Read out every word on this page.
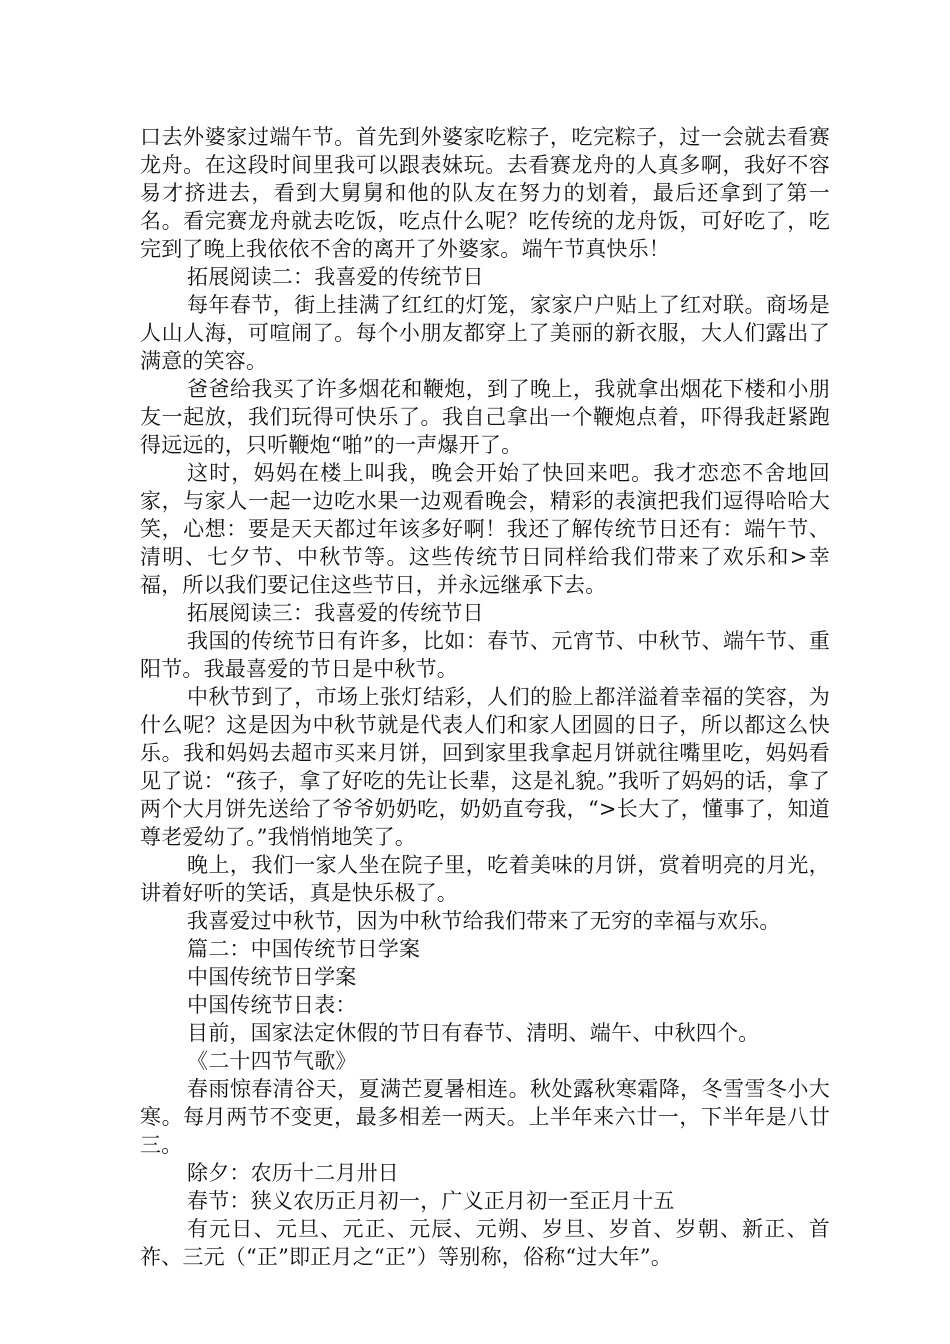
口去外婆家过端午节。首先到外婆家吃粽子，吃完粽子，过一会就去看赛龙舟。在这段时间里我可以跟表妹玩。去看赛龙舟的人真多啊，我好不容易才挤进去，看到大舅舅和他的队友在努力的划着，最后还拿到了第一名。看完赛龙舟就去吃饭，吃点什么呢？吃传统的龙舟饭，可好吃了，吃完到了晚上我依依不舍的离开了外婆家。端午节真快乐！

拓展阅读二：我喜爱的传统节日

每年春节，街上挂满了红红的灯笼，家家户户贴上了红对联。商场是人山人海，可喧闹了。每个小朋友都穿上了美丽的新衣服，大人们露出了满意的笑容。

爸爸给我买了许多烟花和鞭炮，到了晚上，我就拿出烟花下楼和小朋友一起放，我们玩得可快乐了。我自己拿出一个鞭炮点着，吓得我赶紧跑得远远的，只听鞭炮“啪”的一声爆开了。

这时，妈妈在楼上叫我，晚会开始了快回来吧。我才恋恋不舍地回家，与家人一起一边吃水果一边观看晚会，精彩的表演把我们逗得哈哈大笑，心想：要是天天都过年该多好啊！我还了解传统节日还有：端午节、清明、七夕节、中秋节等。这些传统节日同样给我们带来了欢乐和>幸福，所以我们要记住这些节日，并永远继承下去。

拓展阅读三：我喜爱的传统节日

我国的传统节日有许多，比如：春节、元宵节、中秋节、端午节、重阳节。我最喜爱的节日是中秋节。

中秋节到了，市场上张灯结彩，人们的脸上都洋溢着幸福的笑容，为什么呢？这是因为中秋节就是代表人们和家人团圆的日子，所以都这么快乐。我和妈妈去超市买来月饼，回到家里我拿起月饼就往嘴里吃，妈妈看见了说：“孩子，拿了好吃的先让长辈，这是礼貌。”我听了妈妈的话，拿了两个大月饼先送给了爷爷奶奶吃，奶奶直夸我，“>长大了，懂事了，知道尊老爱幼了。”我悄悄地笑了。

晚上，我们一家人坐在院子里，吃着美味的月饼，赏着明亮的月光，讲着好听的笑话，真是快乐极了。

我喜爱过中秋节，因为中秋节给我们带来了无穷的幸福与欢乐。

篇二：中国传统节日学案

中国传统节日学案

中国传统节日表：

目前，国家法定休假的节日有春节、清明、端午、中秋四个。

《二十四节气歌》

春雨惊春清谷天，夏满芒夏暑相连。秋处露秋寒霜降，冬雪雪冬小大寒。每月两节不变更，最多相差一两天。上半年来六廿一，下半年是八廿三。

除夕：农历十二月卅日

春节：狭义农历正月初一，广义正月初一至正月十五

有元日、元旦、元正、元辰、元朔、岁旦、岁首、岁朝、新正、首祚、三元（“正”即正月之“正”）等别称，俗称“过大年”。
